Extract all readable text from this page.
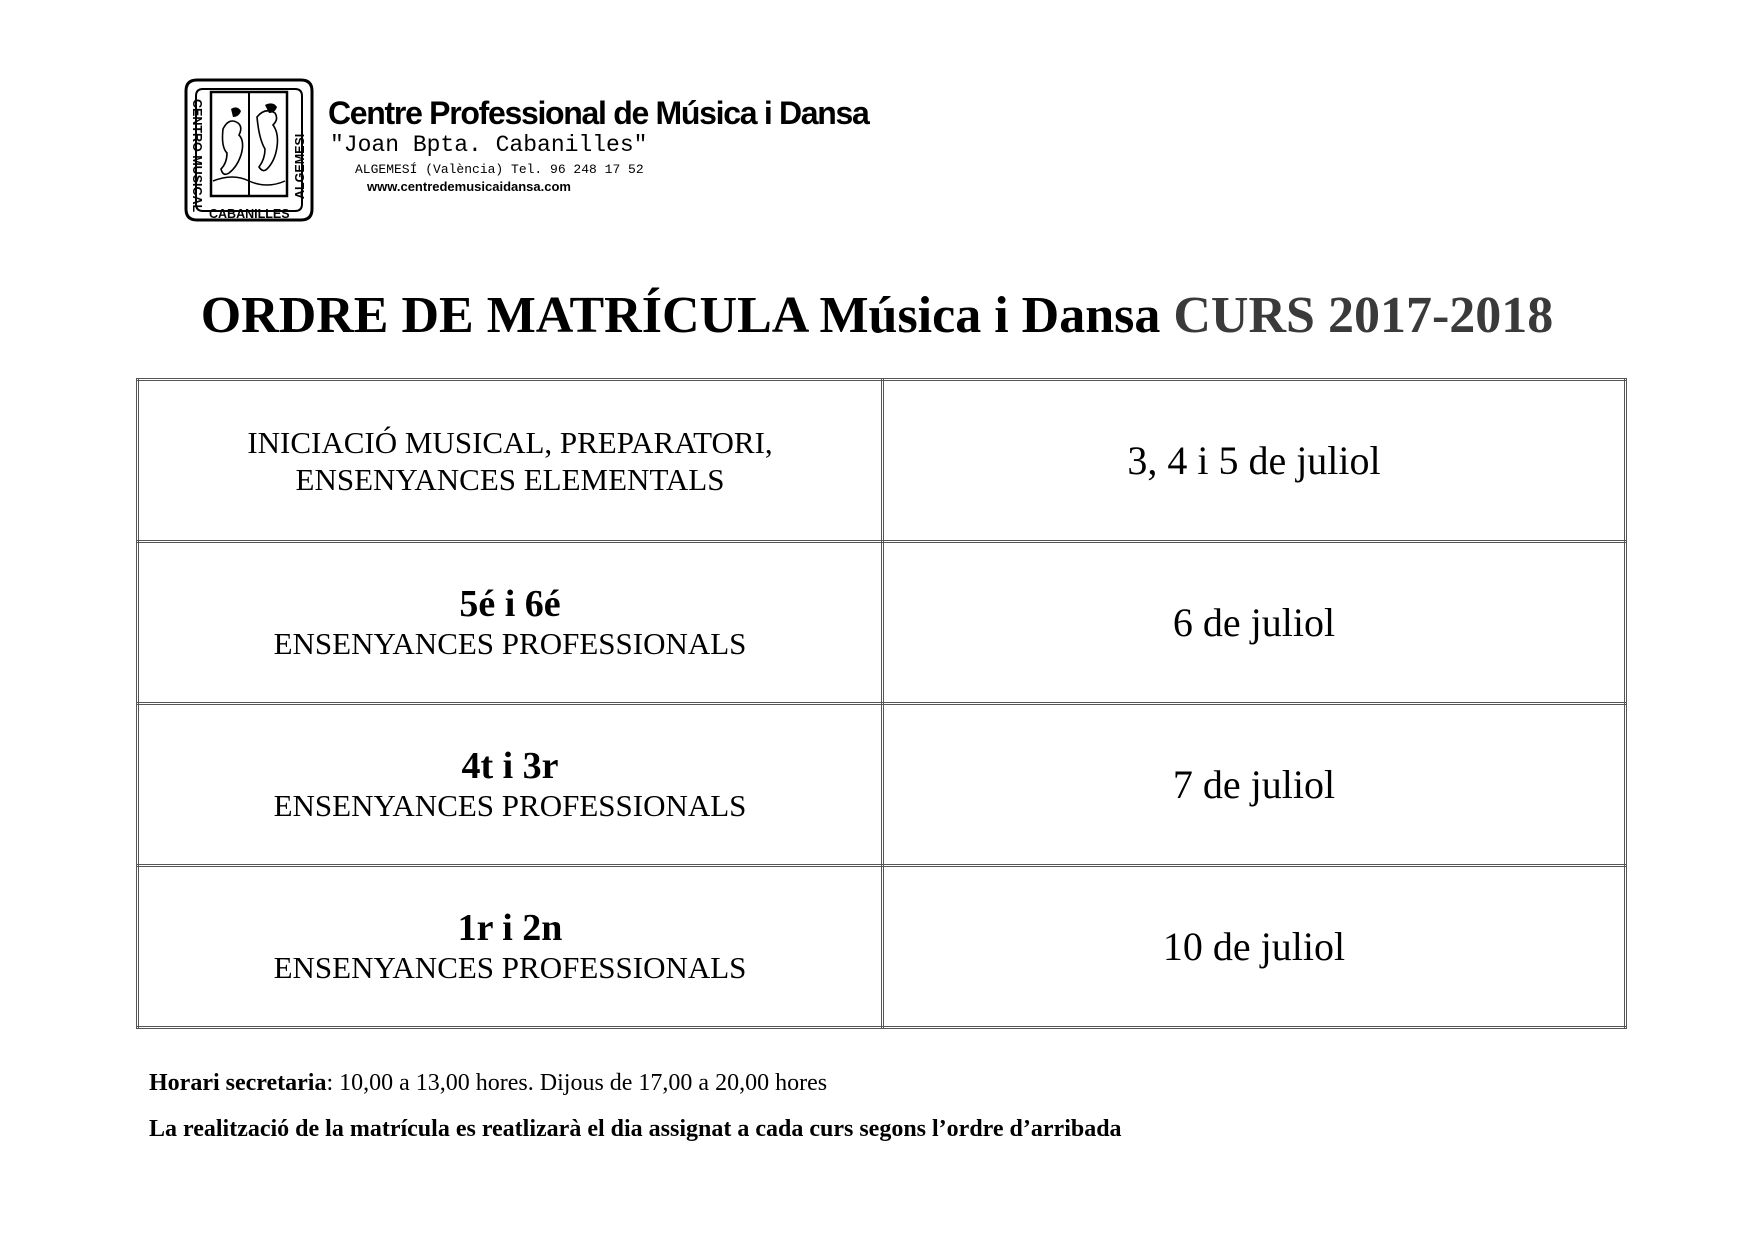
CENTRO MUSICAL	ALGEMESI
CABANILLES

Centre Professional de Música i Dansa

"Joan Bpta. Cabanilles"

ALGEMESÍ (València) Tel. 96 248 17 52

www.centredemusicaidansa.com

ORDRE DE MATRÍCULA Música i Dansa CURS 2017-2018
INICIACIÓ MUSICAL, PREPARATORI, ENSENYANCES ELEMENTALS	3, 4 i 5 de juliol

5é i 6é
ENSENYANCES PROFESSIONALS	6 de juliol

4t i 3r
ENSENYANCES PROFESSIONALS	7 de juliol

1r i 2n
ENSENYANCES PROFESSIONALS	10 de juliol

Horari secretaria: 10,00 a 13,00 hores. Dijous de 17,00 a 20,00 hores

La realització de la matrícula es reatlizarà el dia assignat a cada curs segons l’ordre d’arribada
